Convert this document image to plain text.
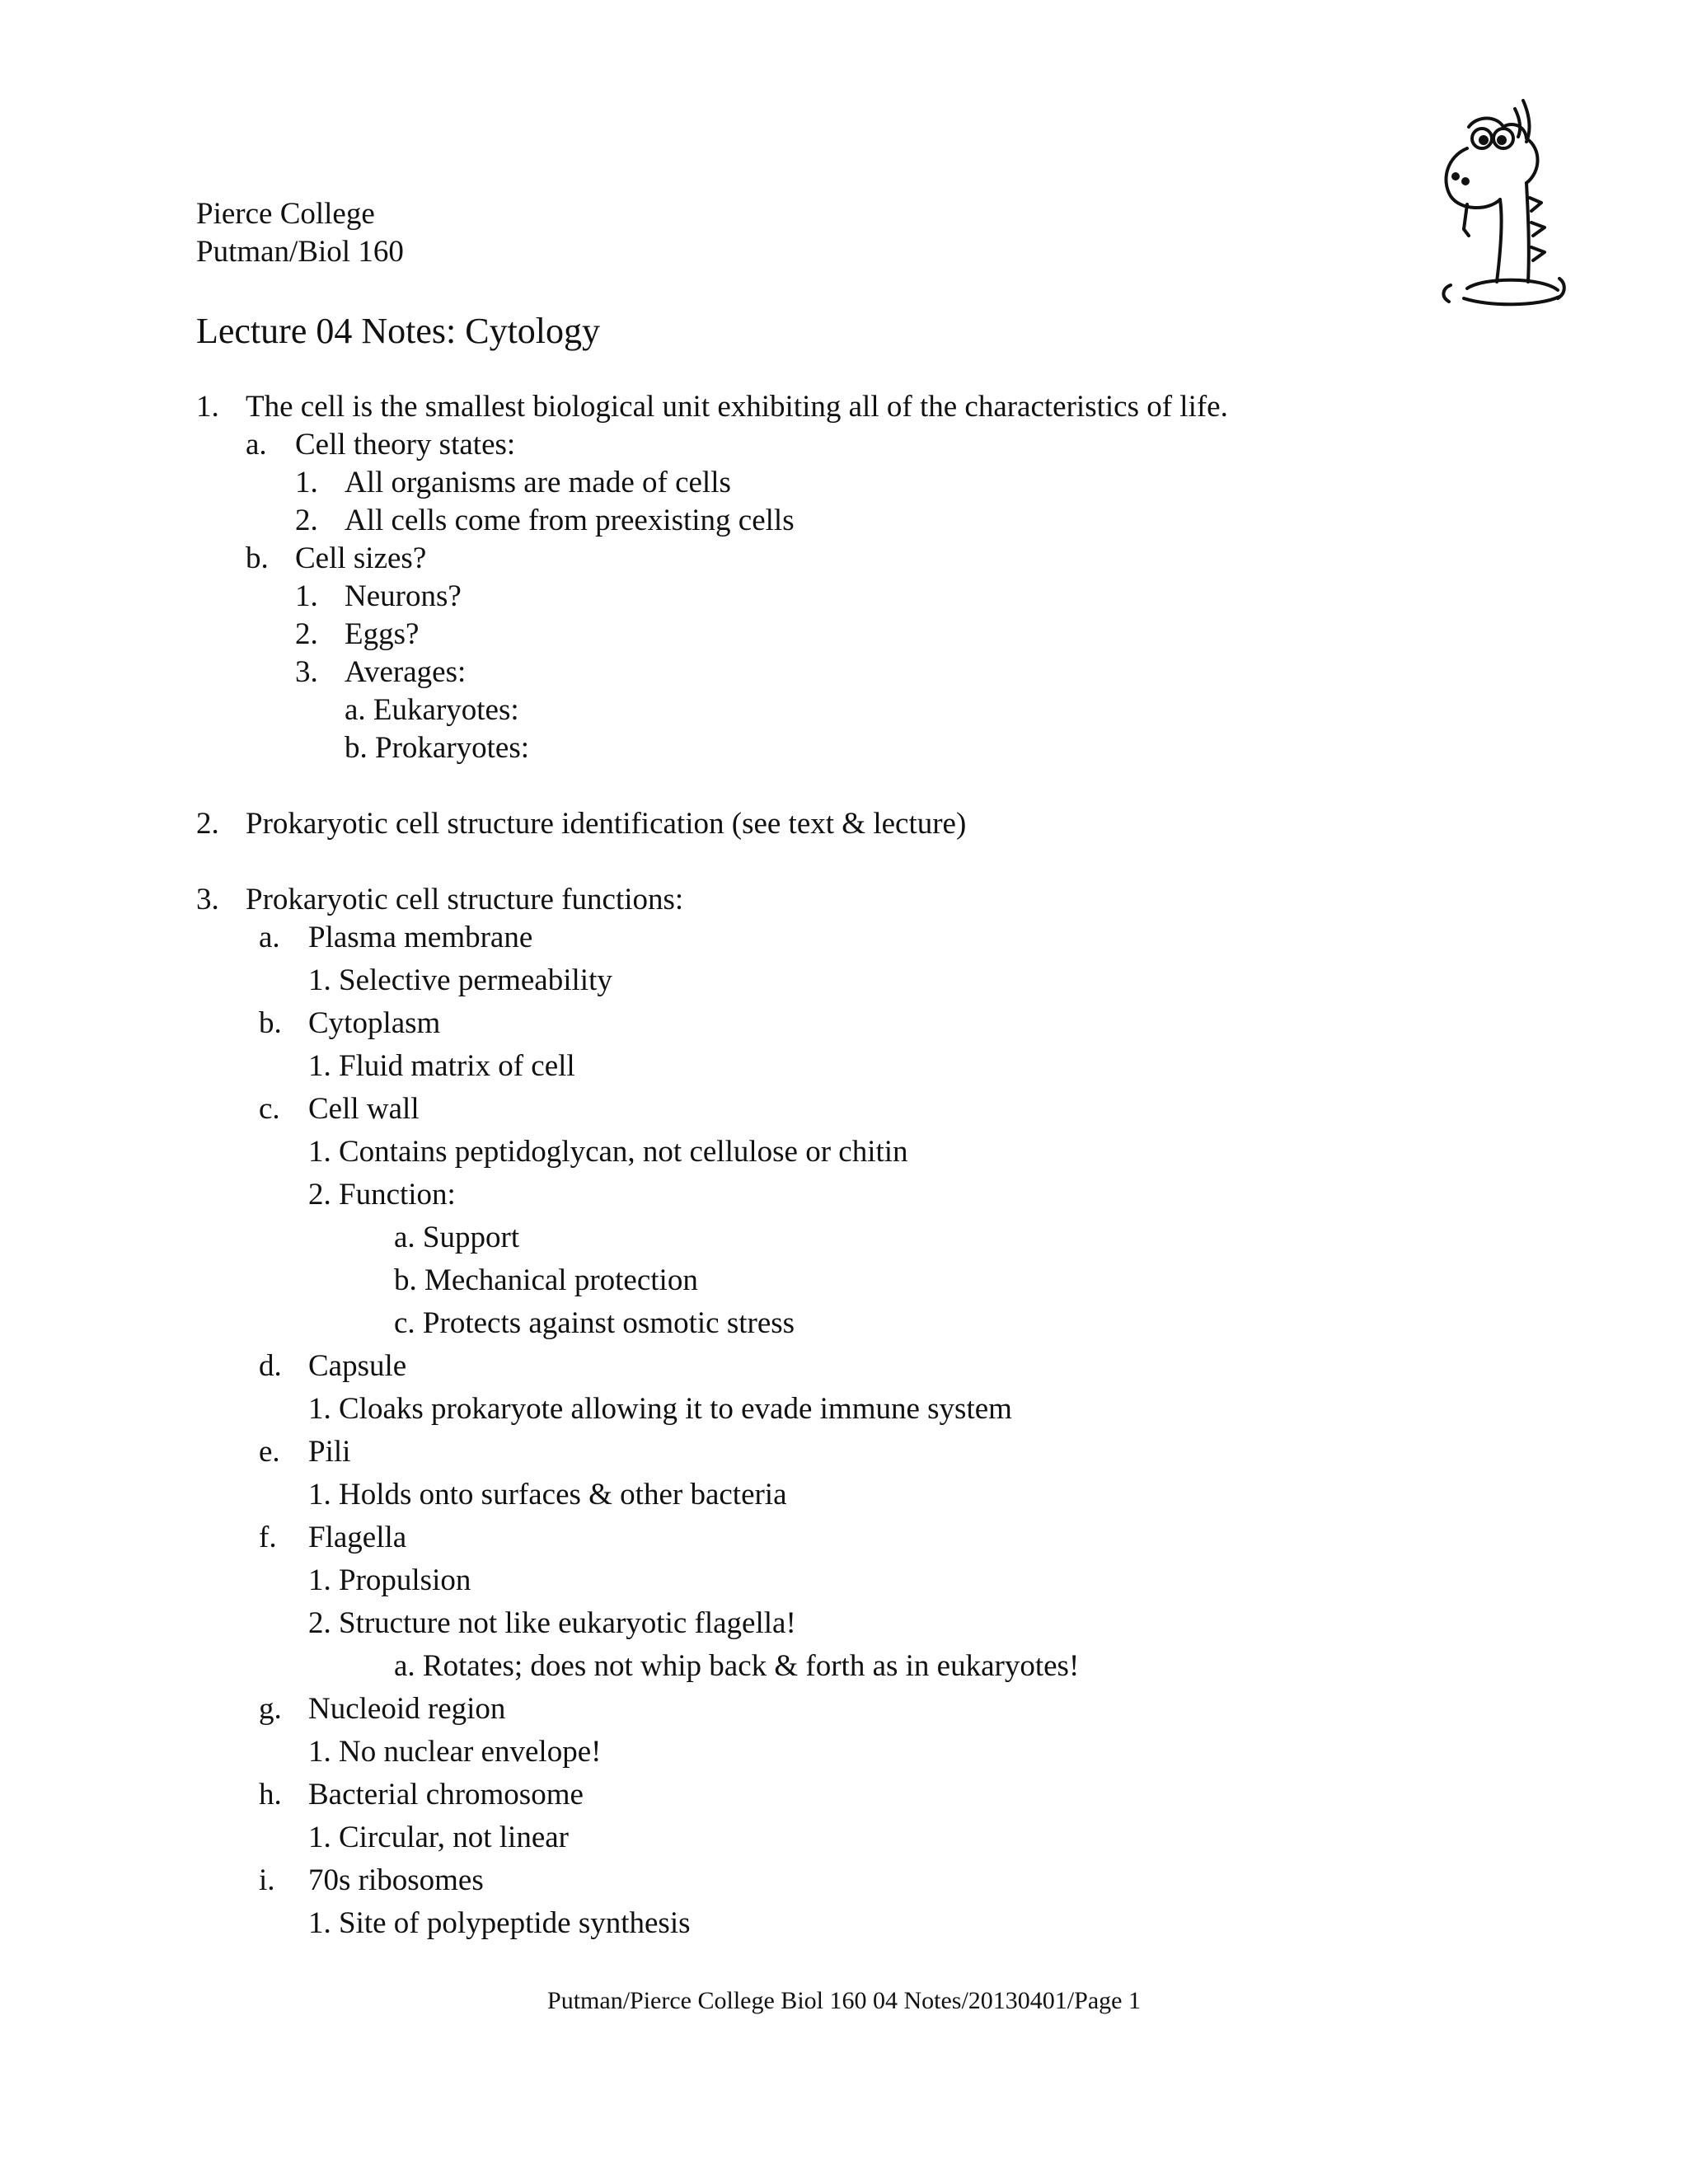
Pierce College
Putman/Biol 160
Lecture 04 Notes: Cytology
1. The cell is the smallest biological unit exhibiting all of the characteristics of life.
a. Cell theory states:
1. All organisms are made of cells
2. All cells come from preexisting cells
b. Cell sizes?
1. Neurons?
2. Eggs?
3. Averages:
a. Eukaryotes:
b. Prokaryotes:
2. Prokaryotic cell structure identification (see text & lecture)
3. Prokaryotic cell structure functions:
a. Plasma membrane
1. Selective permeability
b. Cytoplasm
1. Fluid matrix of cell
c. Cell wall
1. Contains peptidoglycan, not cellulose or chitin
2. Function:
a. Support
b. Mechanical protection
c. Protects against osmotic stress
d. Capsule
1. Cloaks prokaryote allowing it to evade immune system
e. Pili
1. Holds onto surfaces & other bacteria
f. Flagella
1. Propulsion
2. Structure not like eukaryotic flagella!
a. Rotates; does not whip back & forth as in eukaryotes!
g. Nucleoid region
1. No nuclear envelope!
h. Bacterial chromosome
1. Circular, not linear
i. 70s ribosomes
1. Site of polypeptide synthesis
Putman/Pierce College Biol 160 04 Notes/20130401/Page 1
